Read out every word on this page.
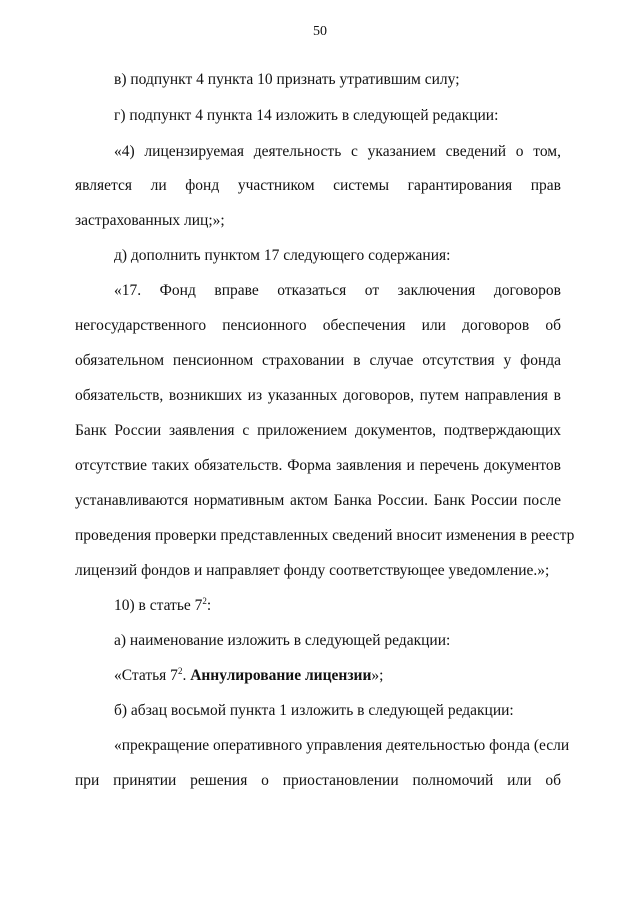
50
в) подпункт 4 пункта 10 признать утратившим силу;
г) подпункт 4 пункта 14 изложить в следующей редакции:
«4) лицензируемая деятельность с указанием сведений о том,
является ли фонд участником системы гарантирования прав
застрахованных лиц;»;
д) дополнить пунктом 17 следующего содержания:
«17. Фонд вправе отказаться от заключения договоров
негосударственного пенсионного обеспечения или договоров об
обязательном пенсионном страховании в случае отсутствия у фонда
обязательств, возникших из указанных договоров, путем направления в
Банк России заявления с приложением документов, подтверждающих
отсутствие таких обязательств. Форма заявления и перечень документов
устанавливаются нормативным актом Банка России. Банк России после
проведения проверки представленных сведений вносит изменения в реестр
лицензий фондов и направляет фонду соответствующее уведомление.»;
10) в статье $7^2$:
а) наименование изложить в следующей редакции:
«Статья $7^2$. Аннулирование лицензии»;
б) абзац восьмой пункта 1 изложить в следующей редакции:
«прекращение оперативного управления деятельностью фонда (если
при принятии решения о приостановлении полномочий или об
